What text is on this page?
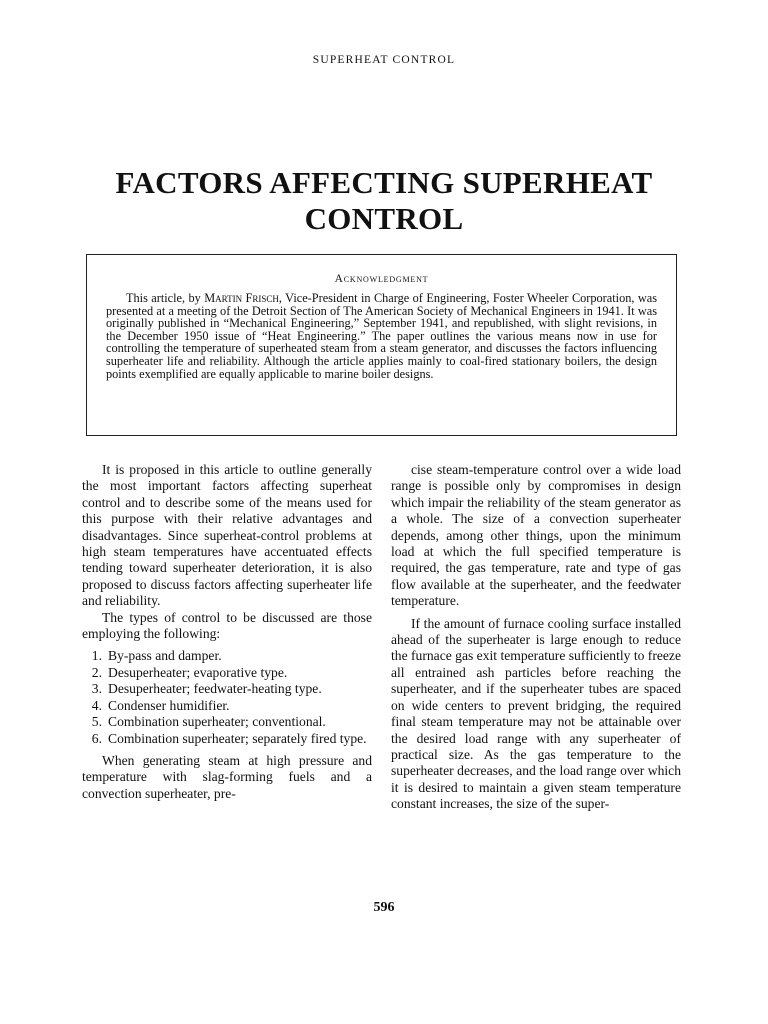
SUPERHEAT CONTROL
FACTORS AFFECTING SUPERHEAT CONTROL
Acknowledgment

This article, by Martin Frisch, Vice-President in Charge of Engineering, Foster Wheeler Corporation, was presented at a meeting of the Detroit Section of The American Society of Mechanical Engineers in 1941. It was originally published in “Mechanical Engineering,” September 1941, and republished, with slight revisions, in the December 1950 issue of “Heat Engineering.” The paper outlines the various means now in use for controlling the temperature of superheated steam from a steam generator, and discusses the factors influencing superheater life and reliability. Although the article applies mainly to coal-fired stationary boilers, the design points exemplified are equally applicable to marine boiler designs.

It is proposed in this article to outline generally the most important factors affecting superheat control and to describe some of the means used for this purpose with their relative advantages and disadvantages. Since superheat-control problems at high steam temperatures have accentuated effects tending toward superheater deterioration, it is also proposed to discuss factors affecting superheater life and reliability.

The types of control to be discussed are those employing the following:

1. By-pass and damper.

2. Desuperheater; evaporative type.

3. Desuperheater; feedwater-heating type.

4. Condenser humidifier.

5. Combination superheater; conventional.

6. Combination superheater; separately fired type.

When generating steam at high pressure and temperature with slag-forming fuels and a convection superheater, pre-

cise steam-temperature control over a wide load range is possible only by compromises in design which impair the reliability of the steam generator as a whole. The size of a convection superheater depends, among other things, upon the minimum load at which the full specified temperature is required, the gas temperature, rate and type of gas flow available at the superheater, and the feedwater temperature.

If the amount of furnace cooling surface installed ahead of the superheater is large enough to reduce the furnace gas exit temperature sufficiently to freeze all entrained ash particles before reaching the superheater, and if the superheater tubes are spaced on wide centers to prevent bridging, the required final steam temperature may not be attainable over the desired load range with any superheater of practical size. As the gas temperature to the superheater decreases, and the load range over which it is desired to maintain a given steam temperature constant increases, the size of the super-

596
